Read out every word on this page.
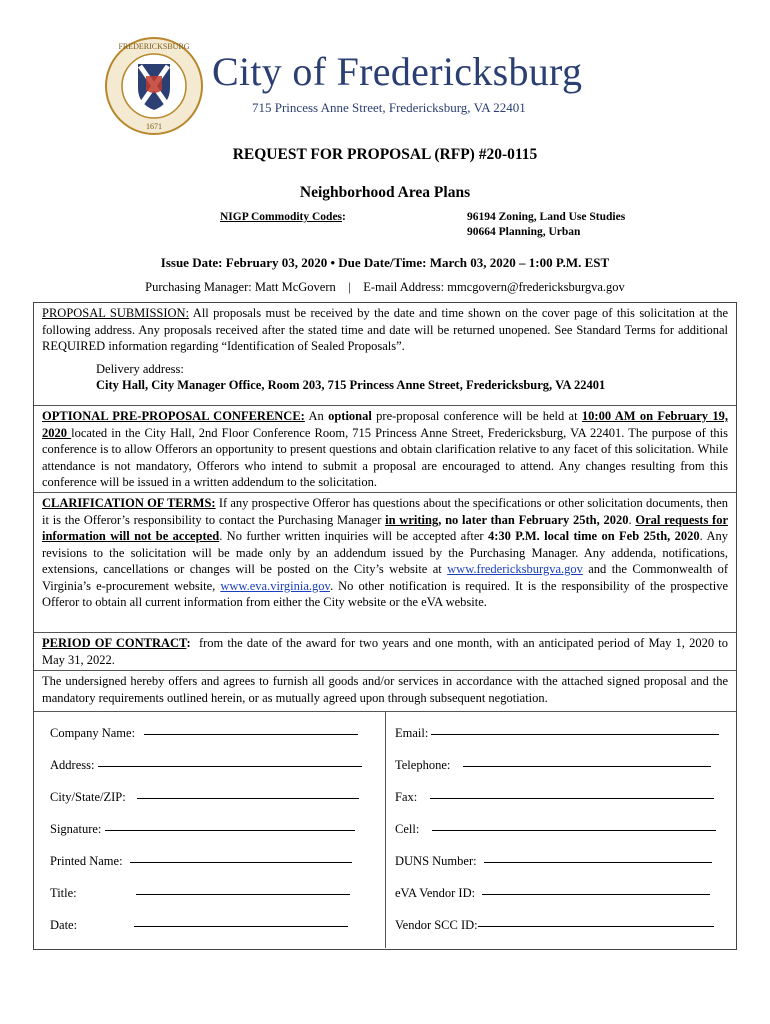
FREDERICKSBURG
1671
City of Fredericksburg
715 Princess Anne Street, Fredericksburg, VA 22401
REQUEST FOR PROPOSAL (RFP) #20-0115
Neighborhood Area Plans
NIGP Commodity Codes:	96194 Zoning, Land Use Studies
90664 Planning, Urban
Issue Date: February 03, 2020 • Due Date/Time: March 03, 2020 – 1:00 P.M. EST
Purchasing Manager: Matt McGovern    |    E-mail Address: mmcgovern@fredericksburgva.gov
PROPOSAL SUBMISSION: All proposals must be received by the date and time shown on the cover page of this solicitation at the following address. Any proposals received after the stated time and date will be returned unopened. See Standard Terms for additional REQUIRED information regarding “Identification of Sealed Proposals”.
Delivery address:
City Hall, City Manager Office, Room 203, 715 Princess Anne Street, Fredericksburg, VA 22401
OPTIONAL PRE-PROPOSAL CONFERENCE: An optional pre-proposal conference will be held at 10:00 AM on February 19, 2020 located in the City Hall, 2nd Floor Conference Room, 715 Princess Anne Street, Fredericksburg, VA 22401. The purpose of this conference is to allow Offerors an opportunity to present questions and obtain clarification relative to any facet of this solicitation. While attendance is not mandatory, Offerors who intend to submit a proposal are encouraged to attend. Any changes resulting from this conference will be issued in a written addendum to the solicitation.
CLARIFICATION OF TERMS: If any prospective Offeror has questions about the specifications or other solicitation documents, then it is the Offeror’s responsibility to contact the Purchasing Manager in writing, no later than February 25th, 2020. Oral requests for information will not be accepted. No further written inquiries will be accepted after 4:30 P.M. local time on Feb 25th, 2020. Any revisions to the solicitation will be made only by an addendum issued by the Purchasing Manager. Any addenda, notifications, extensions, cancellations or changes will be posted on the City’s website at www.fredericksburgva.gov and the Commonwealth of Virginia’s e-procurement website, www.eva.virginia.gov. No other notification is required. It is the responsibility of the prospective Offeror to obtain all current information from either the City website or the eVA website.
PERIOD OF CONTRACT:  from the date of the award for two years and one month, with an anticipated period of May 1, 2020 to May 31, 2022.
The undersigned hereby offers and agrees to furnish all goods and/or services in accordance with the attached signed proposal and the mandatory requirements outlined herein, or as mutually agreed upon through subsequent negotiation.
Company Name:
Address:
City/State/ZIP:
Signature:
Printed Name:
Title:
Date:
Email:
Telephone:
Fax:
Cell:
DUNS Number:
eVA Vendor ID:
Vendor SCC ID:
